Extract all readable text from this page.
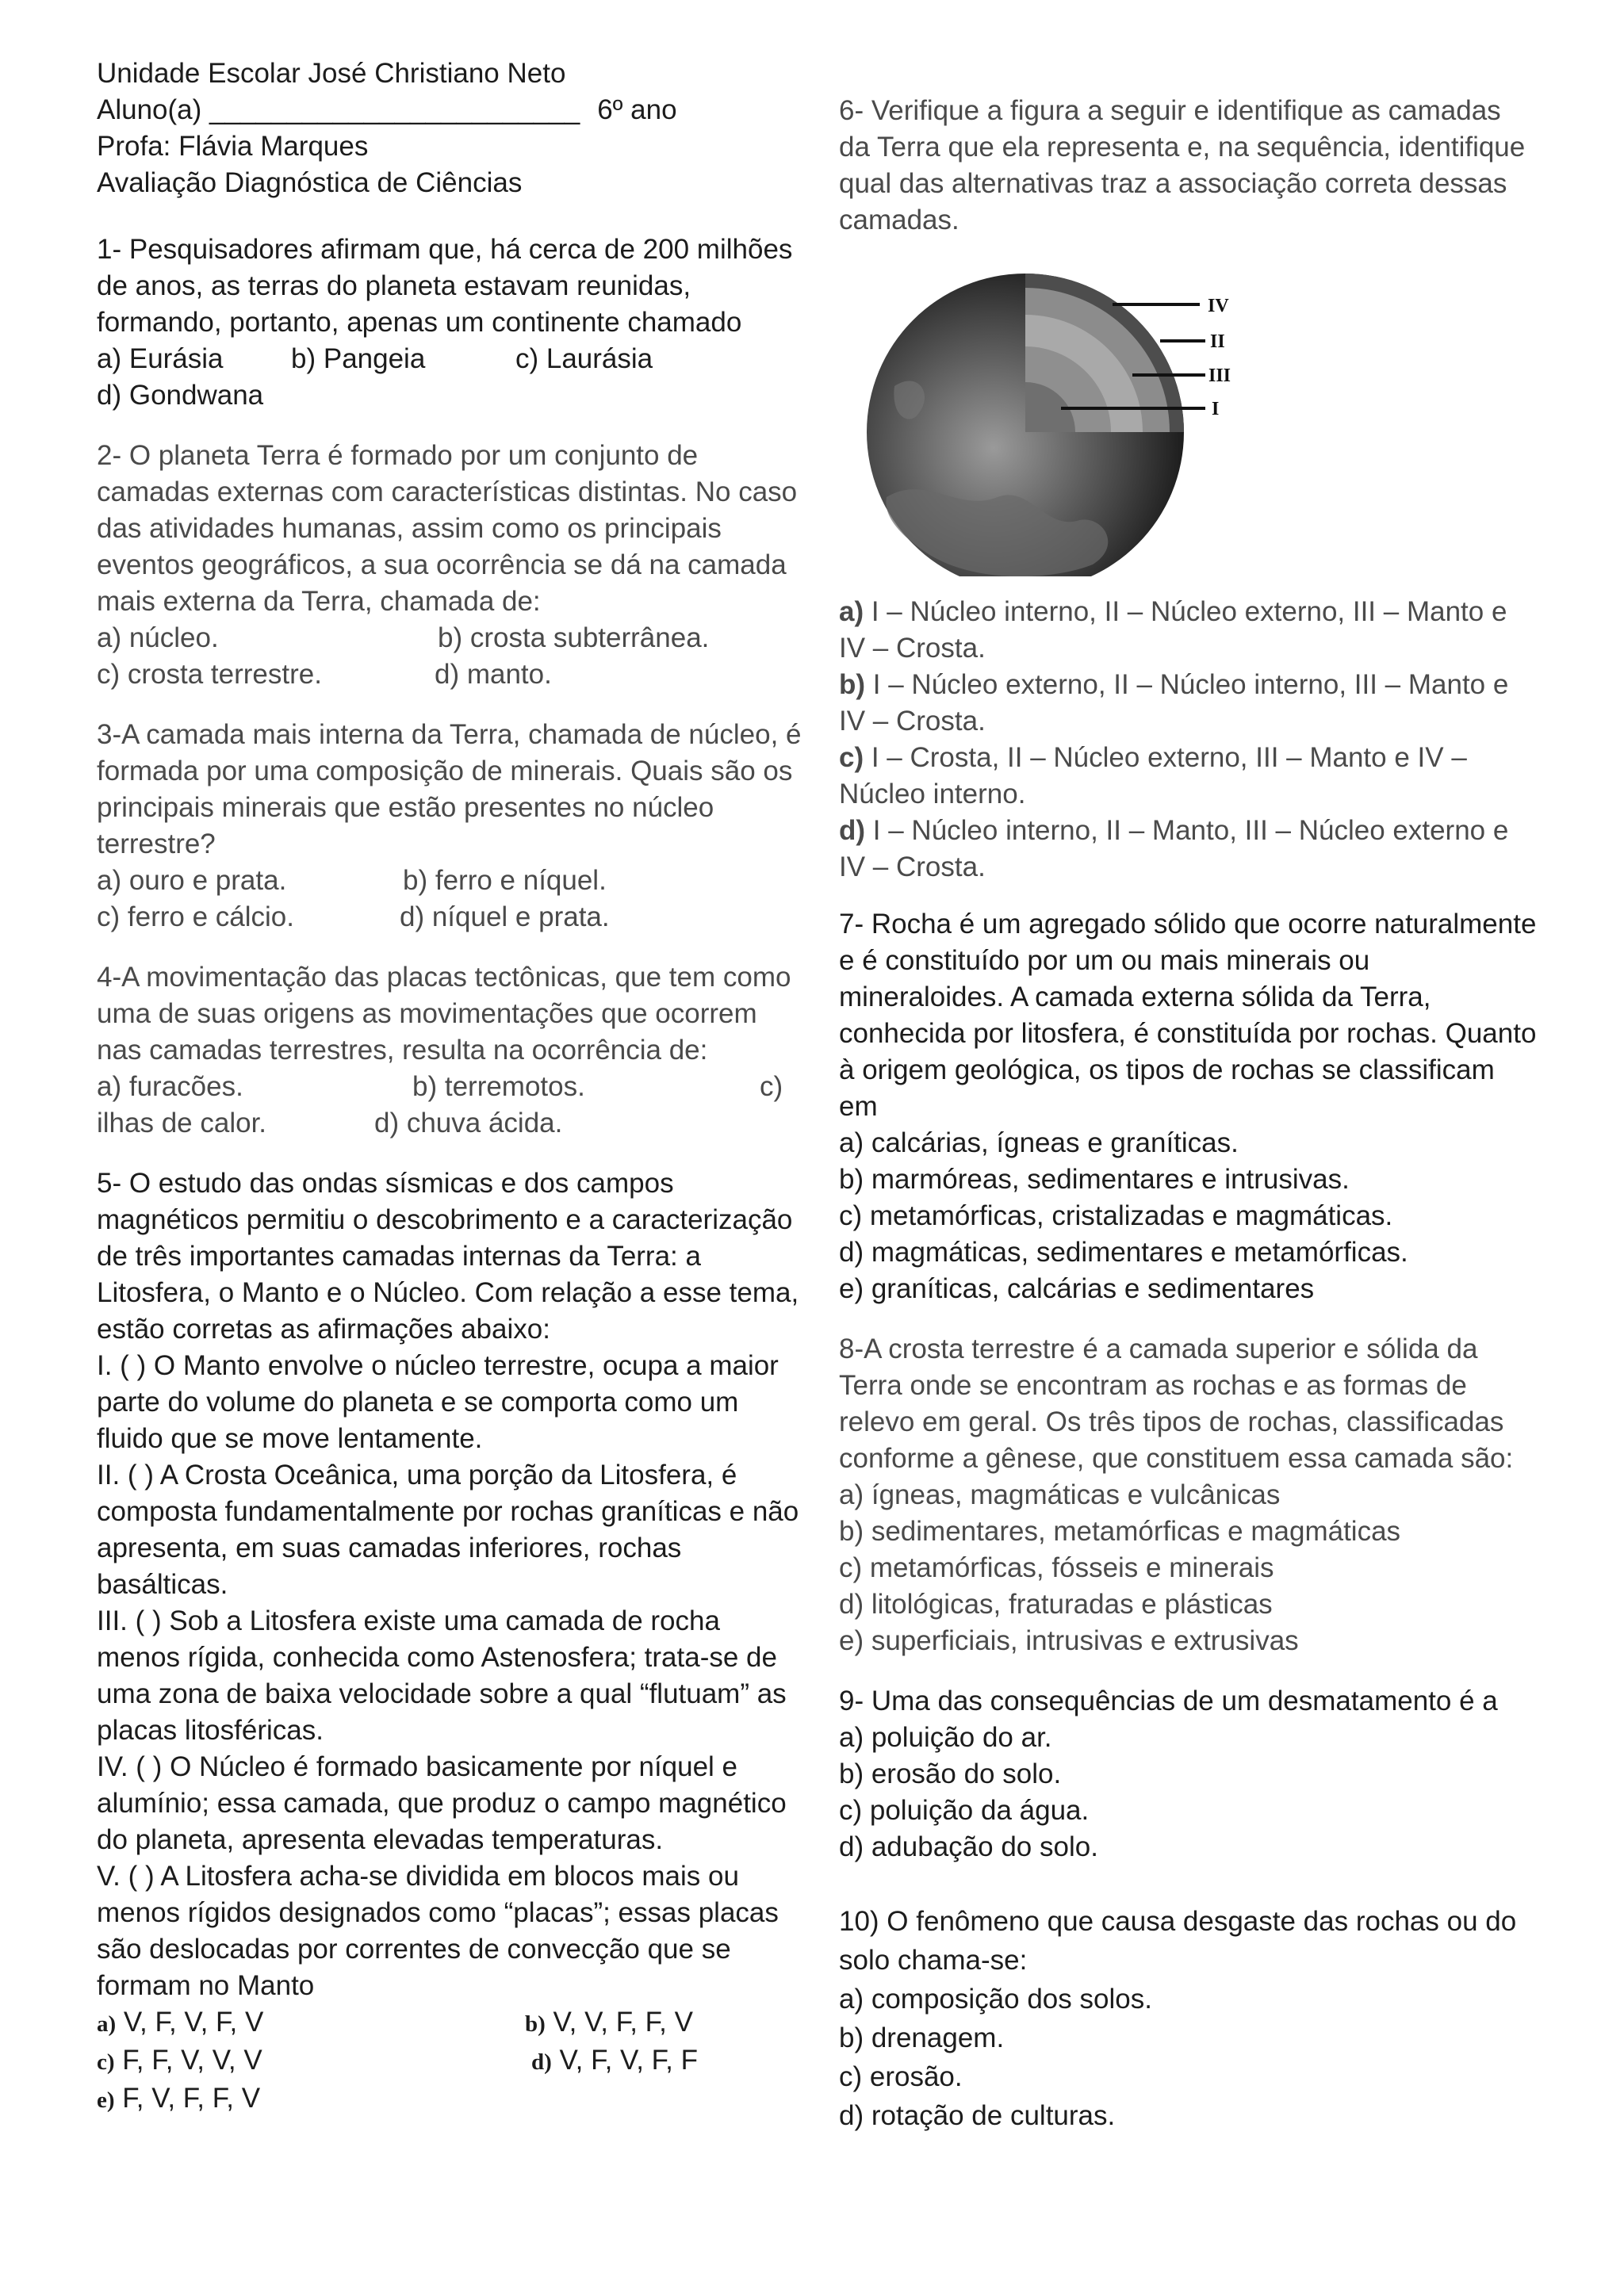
Unidade Escolar José Christiano Neto

Aluno(a) ________________________ 6º ano

Profa: Flávia Marques

Avaliação Diagnóstica de Ciências

1- Pesquisadores afirmam que, há cerca de 200 milhões de anos, as terras do planeta estavam reunidas, formando, portanto, apenas um continente chamado

a) Eurásia	b) Pangeia	c) Laurásia

d) Gondwana

2- O planeta Terra é formado por um conjunto de camadas externas com características distintas. No caso das atividades humanas, assim como os principais eventos geográficos, a sua ocorrência se dá na camada mais externa da Terra, chamada de:

a) núcleo.	b) crosta subterrânea.
c) crosta terrestre.	d) manto.

3-A camada mais interna da Terra, chamada de núcleo, é formada por uma composição de minerais. Quais são os principais minerais que estão presentes no núcleo terrestre?

a) ouro e prata.	b) ferro e níquel.
c) ferro e cálcio.	d) níquel e prata.

4-A movimentação das placas tectônicas, que tem como uma de suas origens as movimentações que ocorrem nas camadas terrestres, resulta na ocorrência de:

a) furacões.	b) terremotos.	c)
ilhas de calor.	d) chuva ácida.

5- O estudo das ondas sísmicas e dos campos magnéticos permitiu o descobrimento e a caracterização de três importantes camadas internas da Terra: a Litosfera, o Manto e o Núcleo. Com relação a esse tema, estão corretas as afirmações abaixo:

I. ( ) O Manto envolve o núcleo terrestre, ocupa a maior parte do volume do planeta e se comporta como um fluido que se move lentamente.

II. ( ) A Crosta Oceânica, uma porção da Litosfera, é composta fundamentalmente por rochas graníticas e não apresenta, em suas camadas inferiores, rochas basálticas.

III. ( ) Sob a Litosfera existe uma camada de rocha menos rígida, conhecida como Astenosfera; trata-se de uma zona de baixa velocidade sobre a qual “flutuam” as placas litosféricas.

IV. ( ) O Núcleo é formado basicamente por níquel e alumínio; essa camada, que produz o campo magnético do planeta, apresenta elevadas temperaturas.

V. ( ) A Litosfera acha-se dividida em blocos mais ou menos rígidos designados como “placas”; essas placas são deslocadas por correntes de convecção que se formam no Manto

a) V, F, V, F, V	b) V, V, F, F, V
c) F, F, V, V, V	d) V, F, V, F, F
e) F, V, F, F, V

6- Verifique a figura a seguir e identifique as camadas da Terra que ela representa e, na sequência, identifique qual das alternativas traz a associação correta dessas camadas.

IV
II
III
I

a) I – Núcleo interno, II – Núcleo externo, III – Manto e IV – Crosta.

b) I – Núcleo externo, II – Núcleo interno, III – Manto e IV – Crosta.

c) I – Crosta, II – Núcleo externo, III – Manto e IV – Núcleo interno.

d) I – Núcleo interno, II – Manto, III – Núcleo externo e IV – Crosta.

7- Rocha é um agregado sólido que ocorre naturalmente e é constituído por um ou mais minerais ou mineraloides. A camada externa sólida da Terra, conhecida por litosfera, é constituída por rochas. Quanto à origem geológica, os tipos de rochas se classificam em

a) calcárias, ígneas e graníticas.

b) marmóreas, sedimentares e intrusivas.

c) metamórficas, cristalizadas e magmáticas.

d) magmáticas, sedimentares e metamórficas.

e) graníticas, calcárias e sedimentares

8-A crosta terrestre é a camada superior e sólida da Terra onde se encontram as rochas e as formas de relevo em geral. Os três tipos de rochas, classificadas conforme a gênese, que constituem essa camada são:

a) ígneas, magmáticas e vulcânicas

b) sedimentares, metamórficas e magmáticas

c) metamórficas, fósseis e minerais

d) litológicas, fraturadas e plásticas

e) superficiais, intrusivas e extrusivas

9- Uma das consequências de um desmatamento é a

a) poluição do ar.

b) erosão do solo.

c) poluição da água.

d) adubação do solo.

10) O fenômeno que causa desgaste das rochas ou do solo chama-se:

a) composição dos solos.

b) drenagem.

c) erosão.

d) rotação de culturas.
